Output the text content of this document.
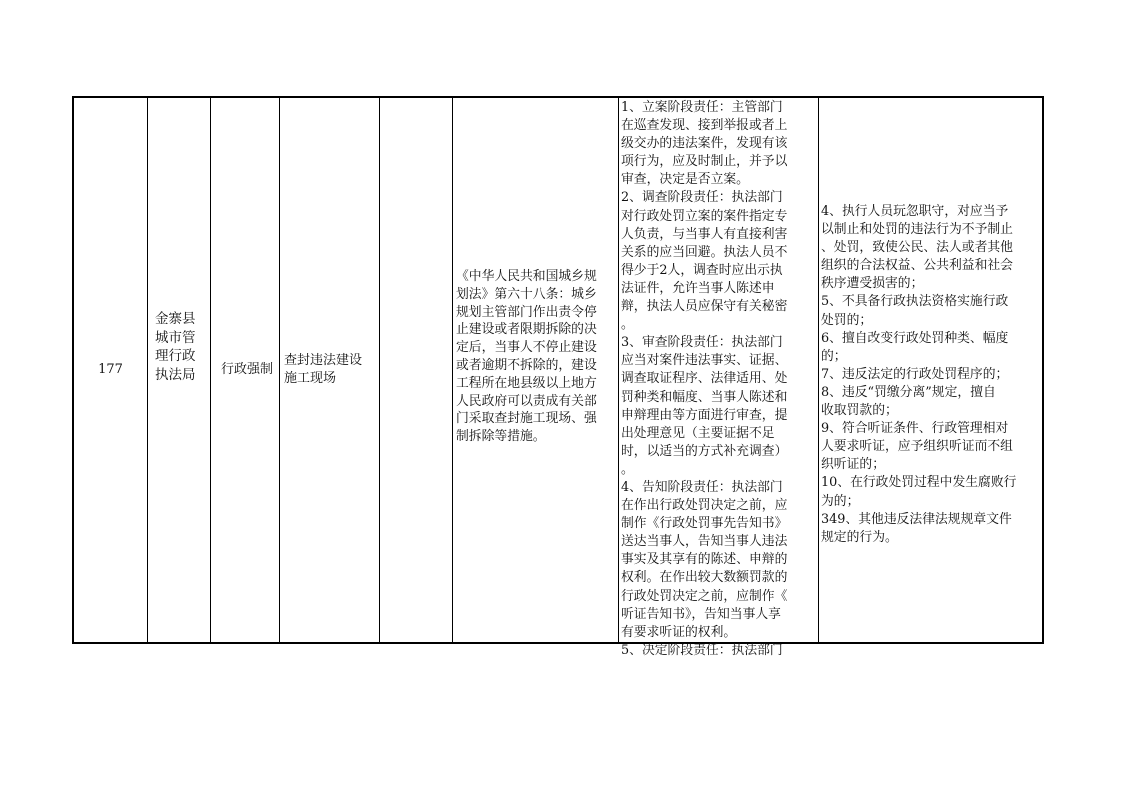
177
金寨县
城市管
理行政
执法局	行政强制
查封违法建设
施工现场
《中华人民共和国城乡规
划法》第六十八条：城乡
规划主管部门作出责令停
止建设或者限期拆除的决
定后，当事人不停止建设
或者逾期不拆除的，建设
工程所在地县级以上地方
人民政府可以责成有关部
门采取查封施工现场、强
制拆除等措施。
1、立案阶段责任：主管部门
在巡查发现、接到举报或者上
级交办的违法案件，发现有该
项行为，应及时制止，并予以
审查，决定是否立案。
2、调查阶段责任：执法部门
对行政处罚立案的案件指定专
人负责，与当事人有直接利害
关系的应当回避。执法人员不
得少于2人，调查时应出示执
法证件，允许当事人陈述申
辩，执法人员应保守有关秘密
。
3、审查阶段责任：执法部门
应当对案件违法事实、证据、
调查取证程序、法律适用、处
罚种类和幅度、当事人陈述和
申辩理由等方面进行审查，提
出处理意见（主要证据不足
时，以适当的方式补充调查）
。
4、告知阶段责任：执法部门
在作出行政处罚决定之前，应
制作《行政处罚事先告知书》
送达当事人，告知当事人违法
事实及其享有的陈述、申辩的
权利。在作出较大数额罚款的
行政处罚决定之前，应制作《
听证告知书》，告知当事人享
有要求听证的权利。
5、决定阶段责任：执法部门
4、执行人员玩忽职守，对应当予
以制止和处罚的违法行为不予制止
、处罚，致使公民、法人或者其他
组织的合法权益、公共利益和社会
秩序遭受损害的；
5、不具备行政执法资格实施行政
处罚的；
6、擅自改变行政处罚种类、幅度
的；
7、违反法定的行政处罚程序的；
8、违反“罚缴分离”规定，擅自
收取罚款的；
9、符合听证条件、行政管理相对
人要求听证，应予组织听证而不组
织听证的；
10、在行政处罚过程中发生腐败行
为的；
349、其他违反法律法规规章文件
规定的行为。
